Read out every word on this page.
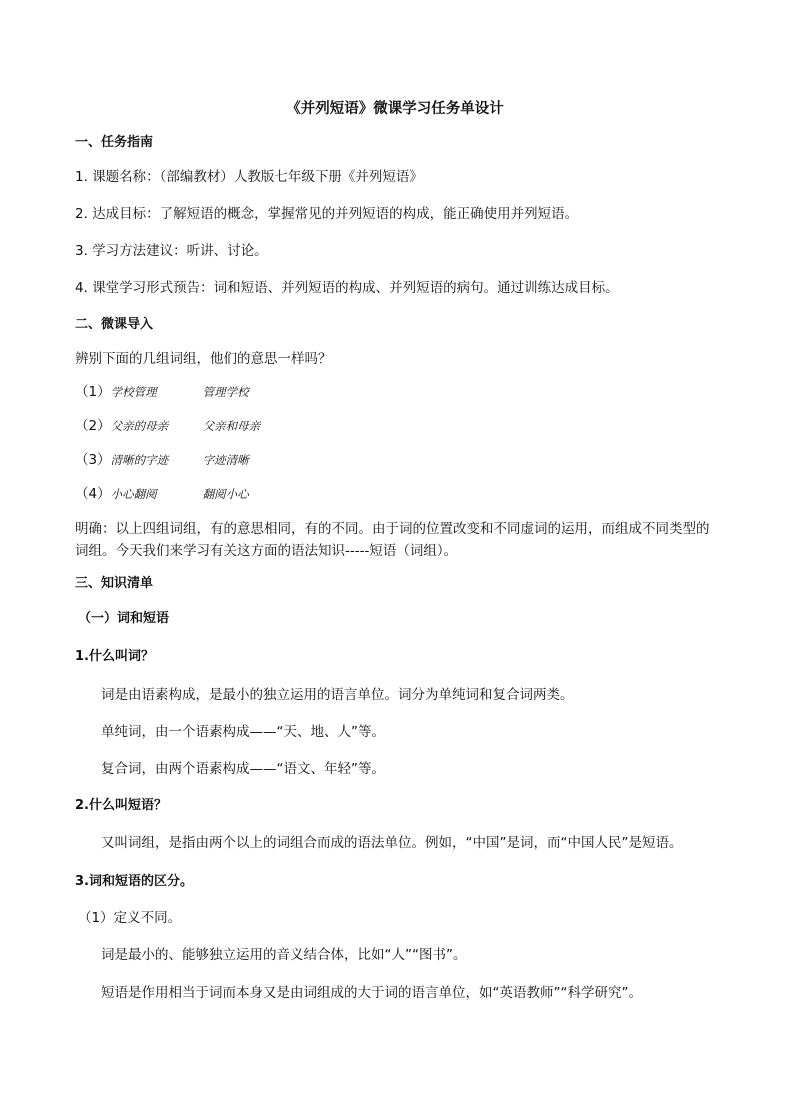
《并列短语》微课学习任务单设计
一、任务指南
1. 课题名称：（部编教材）人教版七年级下册《并列短语》
2. 达成目标：了解短语的概念，掌握常见的并列短语的构成，能正确使用并列短语。
3. 学习方法建议：听讲、讨论。
4. 课堂学习形式预告：词和短语、并列短语的构成、并列短语的病句。通过训练达成目标。
二、微课导入
辨别下面的几组词组，他们的意思一样吗？
（1）学校管理	管理学校
（2）父亲的母亲	父亲和母亲
（3）清晰的字迹	字迹清晰
（4）小心翻阅	翻阅小心
明确：以上四组词组，有的意思相同，有的不同。由于词的位置改变和不同虚词的运用，而组成不同类型的词组。今天我们来学习有关这方面的语法知识-----短语（词组）。
三、知识清单
（一）词和短语
1.什么叫词？
词是由语素构成，是最小的独立运用的语言单位。词分为单纯词和复合词两类。
单纯词，由一个语素构成——“天、地、人”等。
复合词，由两个语素构成——“语文、年轻”等。
2.什么叫短语？
又叫词组，是指由两个以上的词组合而成的语法单位。例如，“中国”是词，而“中国人民”是短语。
3.词和短语的区分。
（1）定义不同。
词是最小的、能够独立运用的音义结合体，比如“人”“图书”。
短语是作用相当于词而本身又是由词组成的大于词的语言单位，如“英语教师”“科学研究”。
